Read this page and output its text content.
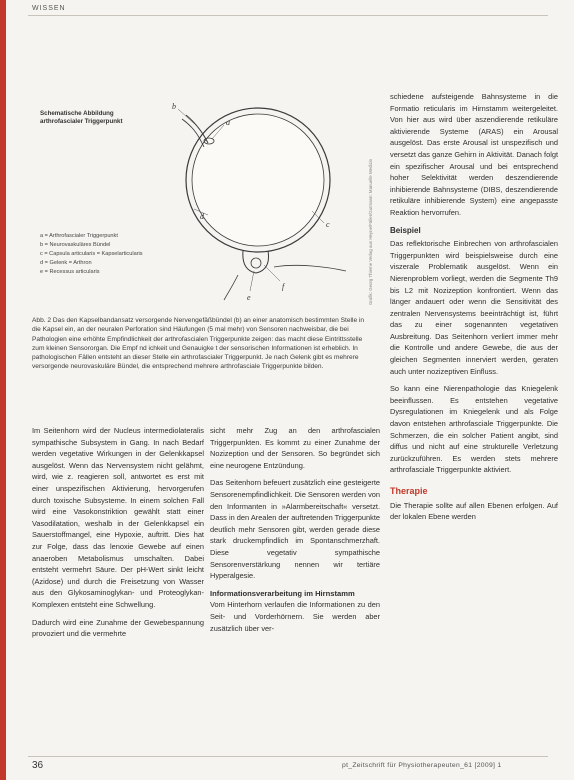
WISSEN
b
a
c
d
e
f
Schematische Abbildung
arthrofascialer Triggerpunkt
a = Arthrofascialer Triggerpunkt
b = Neurovaskuläres Bündel
c = Capsula articularis = Kapselarticularis
d = Gelenk = Arthron
e = Recessus articularis	Grafik: Georg Thieme Verlag aus Heyne/Fäller/Gutmann: Manuelle Medizin
Abb. 2 Das den Kapselbandansatz versorgende Nervengefäßbündel (b) an einer anatomisch bestimmten Stelle in die Kapsel ein, an der neuralen Perforation sind Häufungen (5 mal mehr) von Sensoren nachweisbar, die bei Pathologien eine erhöhte Empfindlichkeit der arthrofascialen Triggerpunkte zeigen: das macht diese Eintrittsstelle zum kleinen Sensororgan. Die Empf nd ichkeit und Genauigke t der sensorischen Informationen ist erheblich. In pathologischen Fällen entsteht an dieser Stelle ein arthrofascialer Triggerpunkt. Je nach Gelenk gibt es mehrere versorgende neurovaskuläre Bündel, die entsprechend mehrere arthrofasciale Triggerpunkte bilden.

Im Seitenhorn wird der Nucleus intermediolateralis sympathische Subsystem in Gang. In nach Bedarf werden vegetative Wirkungen in der Gelenkkapsel ausgelöst. Wenn das Nervensystem nicht gelähmt, wird, wie z. reagieren soll, antwortet es erst mit einer unspezifischen Aktivierung, hervorgerufen durch toxische Subsysteme. In einem solchen Fall wird eine Vasokonstriktion gewählt statt einer Vasodilatation, weshalb in der Gelenkkapsel ein Sauerstoffmangel, eine Hypoxie, auftritt. Dies hat zur Folge, dass das lenoxie Gewebe auf einen anaeroben Metabolismus umschalten. Dabei entsteht vermehrt Säure. Der pH-Wert sinkt leicht (Azidose) und durch die Freisetzung von Wasser aus den Glykosaminoglykan- und Proteoglykan-Komplexen entsteht eine Schwellung.

Dadurch wird eine Zunahme der Gewebespannung provoziert und die vermehrte

sicht mehr Zug an den arthrofascialen Triggerpunkten. Es kommt zu einer Zunahme der Nozizeption und der Sensoren. So begründet sich eine neurogene Entzündung.

Das Seitenhorn befeuert zusätzlich eine gesteigerte Sensorenempfindlichkeit. Die Sensoren werden von den Informanten in »Alarmbereitschaft« versetzt. Dass in den Arealen der auftretenden Triggerpunkte deutlich mehr Sensoren gibt, werden gerade diese stark druckempfindlich im Spontanschmerzhaft. Diese vegetativ sympathische Sensorenverstärkung nennen wir tertiäre Hyperalgesie.

Informationsverarbeitung im Hirnstamm

Vom Hinterhorn verlaufen die Informationen zu den Seit- und Vorderhörnern. Sie werden aber zusätzlich über ver-

schiedene aufsteigende Bahnsysteme in die Formatio reticularis im Hirnstamm weitergeleitet. Von hier aus wird über aszendierende retikuläre aktivierende Systeme (ARAS) ein Arousal ausgelöst. Das erste Arousal ist unspezifisch und versetzt das ganze Gehirn in Aktivität. Danach folgt ein spezifischer Arousal und bei entsprechend hoher Selektivität werden deszendierende inhibierende Bahnsysteme (DIBS, deszendierende retikuläre inhibierende System) eine angepasste Reaktion hervorrufen.

Beispiel

Das reflektorische Einbrechen von arthrofascialen Triggerpunkten wird beispielsweise durch eine viszerale Problematik ausgelöst. Wenn ein Nierenproblem vorliegt, werden die Segmente Th9 bis L2 mit Nozizeption konfrontiert. Wenn das länger andauert oder wenn die Sensitivität des zentralen Nervensystems beeinträchtigt ist, führt das zu einer sogenannten vegetativen Ausbreitung. Das Seitenhorn verliert immer mehr die Kontrolle und andere Gewebe, die aus der gleichen Segmenten innerviert werden, geraten auch unter nozizeptiven Einfluss.

So kann eine Nierenpathologie das Kniegelenk beeinflussen. Es entstehen vegetative Dysregulationen im Kniegelenk und als Folge davon entstehen arthrofasciale Triggerpunkte. Die Schmerzen, die ein solcher Patient angibt, sind diffus und nicht auf eine strukturelle Verletzung zurückzuführen. Es werden stets mehrere arthrofasciale Triggerpunkte aktiviert.

Therapie

Die Therapie sollte auf allen Ebenen erfolgen. Auf der lokalen Ebene werden

36	pt_Zeitschrift für Physiotherapeuten_61 [2009] 1
